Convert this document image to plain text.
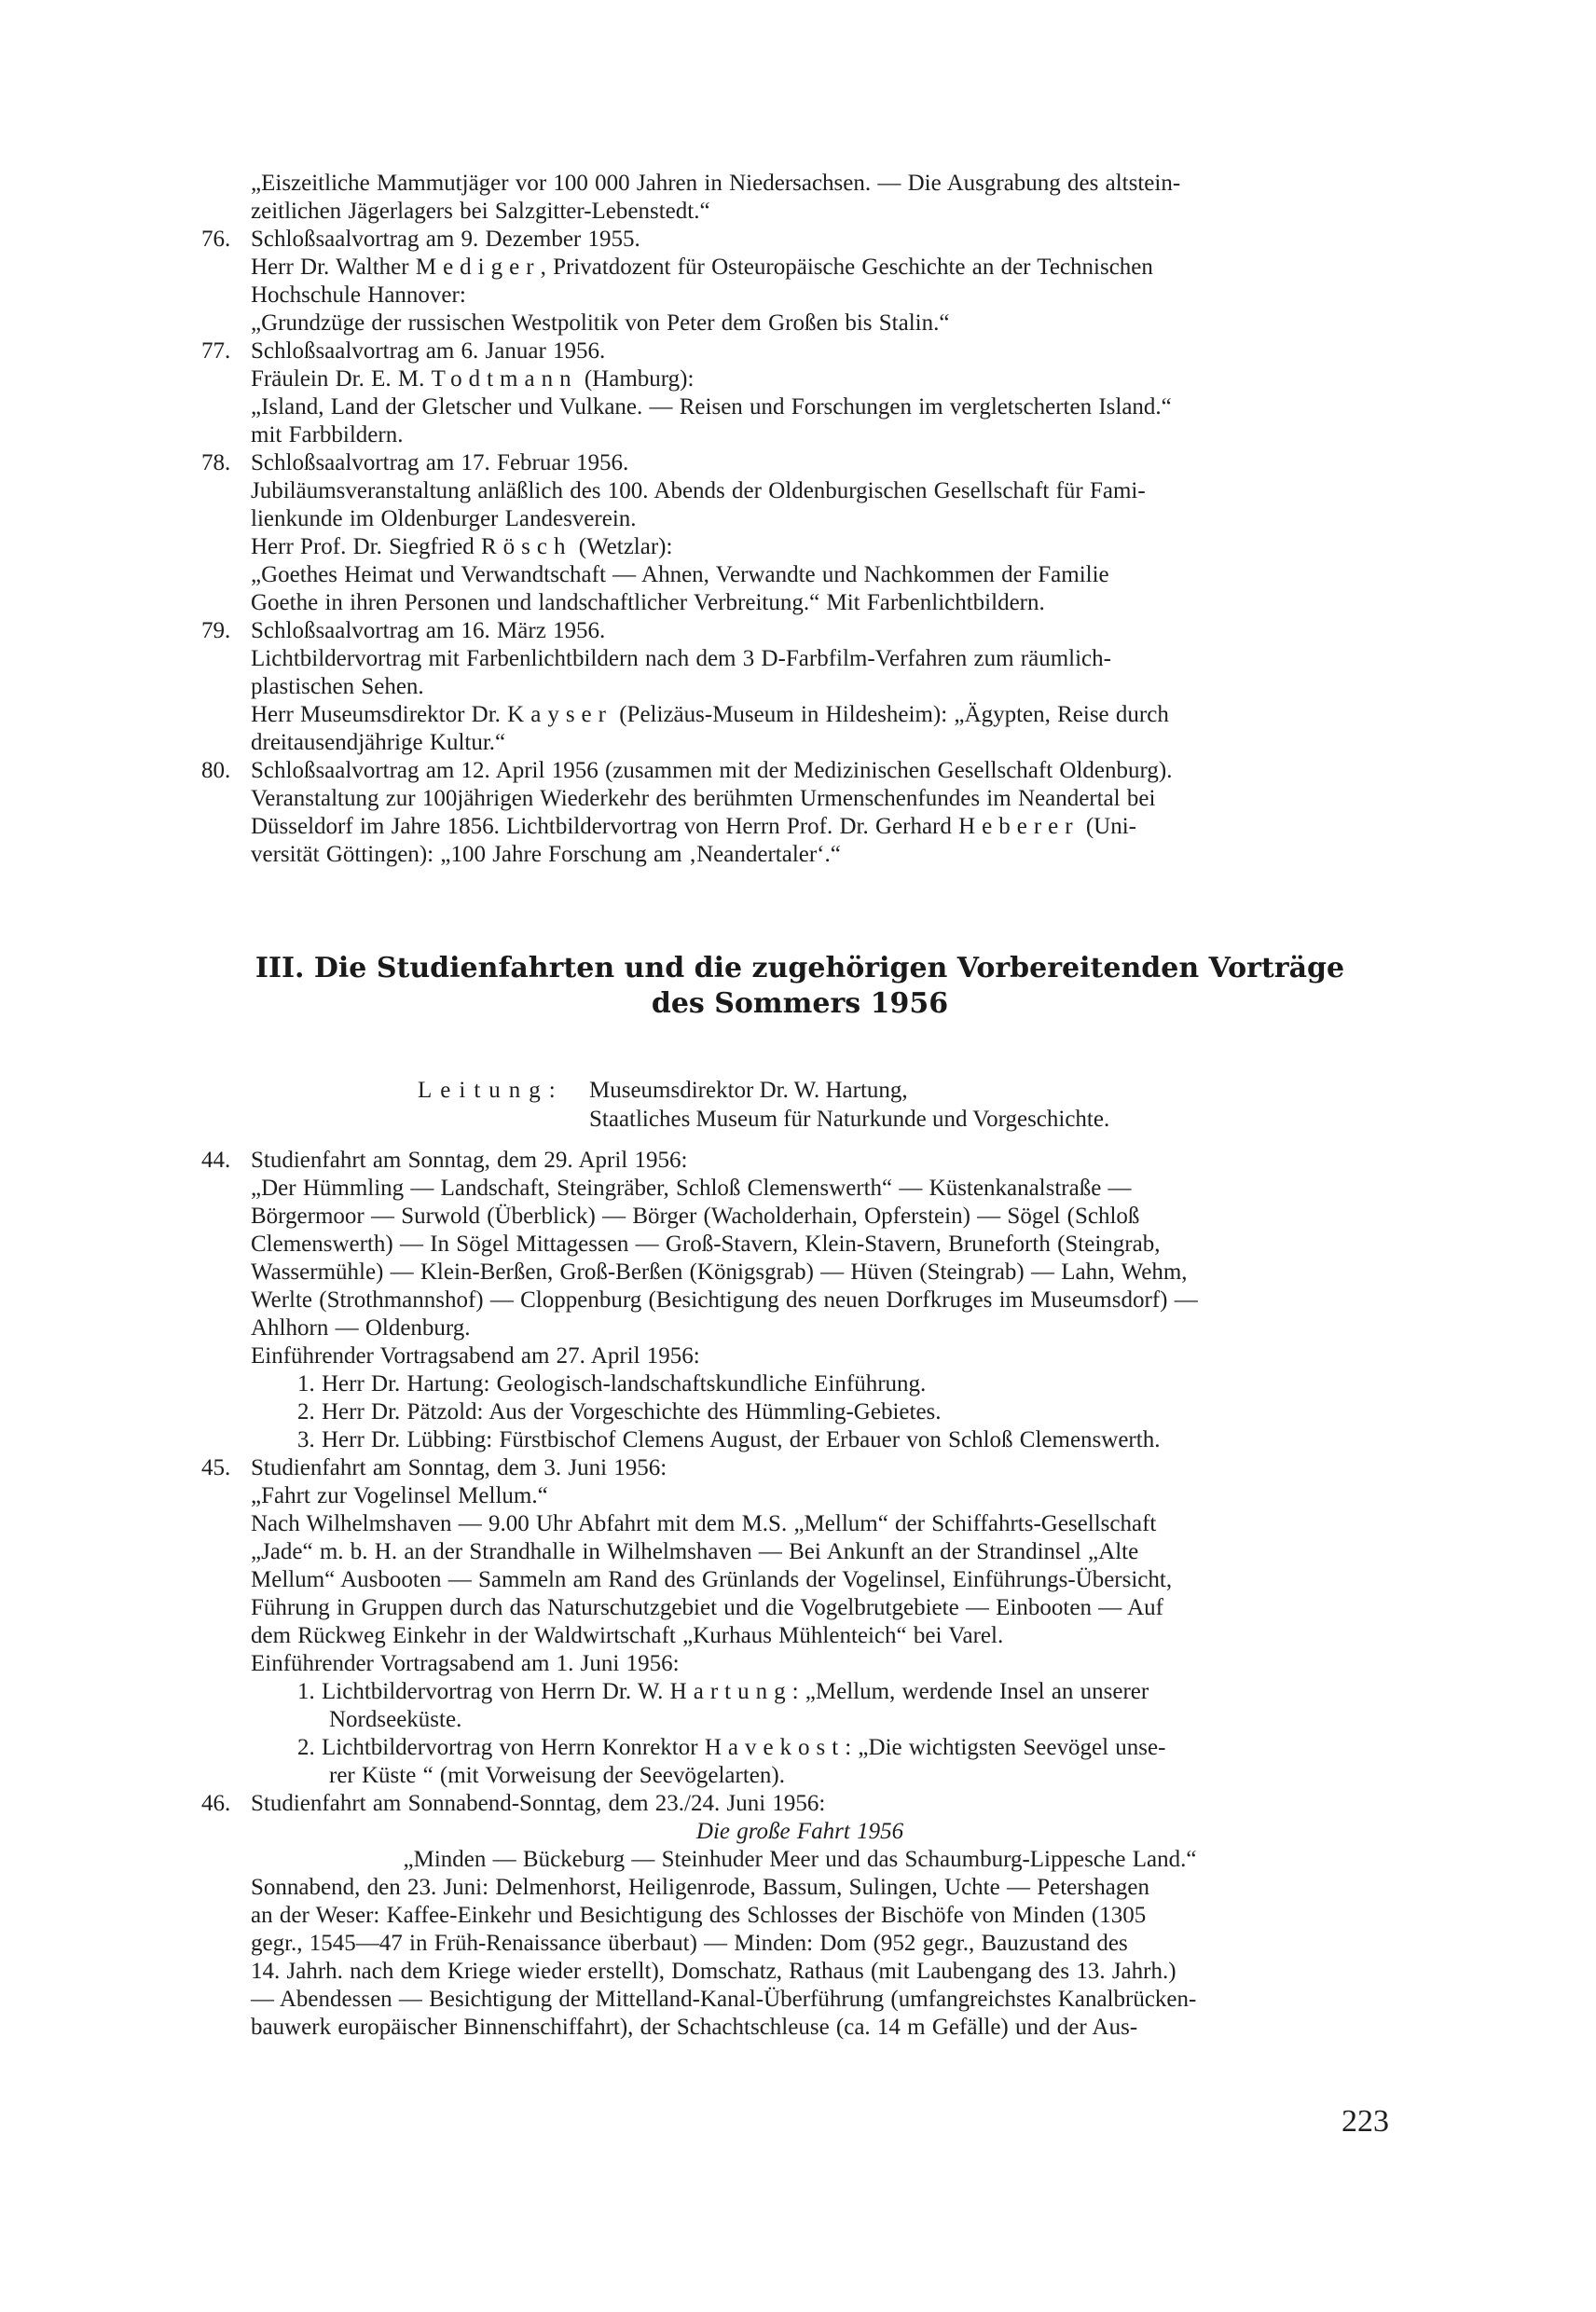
„Eiszeitliche Mammutjäger vor 100 000 Jahren in Niedersachsen. — Die Ausgrabung des altstein-
zeitlichen Jägerlagers bei Salzgitter-Lebenstedt.“
76. Schloßsaalvortrag am 9. Dezember 1955.
Herr Dr. Walther Mediger, Privatdozent für Osteuropäische Geschichte an der Technischen
Hochschule Hannover:
„Grundzüge der russischen Westpolitik von Peter dem Großen bis Stalin.“
77. Schloßsaalvortrag am 6. Januar 1956.
Fräulein Dr. E. M. Todtmann (Hamburg):
„Island, Land der Gletscher und Vulkane. — Reisen und Forschungen im vergletscherten Island.“
mit Farbbildern.
78. Schloßsaalvortrag am 17. Februar 1956.
Jubiläumsveranstaltung anläßlich des 100. Abends der Oldenburgischen Gesellschaft für Fami-
lienkunde im Oldenburger Landesverein.
Herr Prof. Dr. Siegfried Rösch (Wetzlar):
„Goethes Heimat und Verwandtschaft — Ahnen, Verwandte und Nachkommen der Familie
Goethe in ihren Personen und landschaftlicher Verbreitung.“ Mit Farbenlichtbildern.
79. Schloßsaalvortrag am 16. März 1956.
Lichtbildervortrag mit Farbenlichtbildern nach dem 3 D-Farbfilm-Verfahren zum räumlich-
plastischen Sehen.
Herr Museumsdirektor Dr. Kayser (Pelizäus-Museum in Hildesheim): „Ägypten, Reise durch
dreitausendjährige Kultur.“
80. Schloßsaalvortrag am 12. April 1956 (zusammen mit der Medizinischen Gesellschaft Oldenburg).
Veranstaltung zur 100jährigen Wiederkehr des berühmten Urmenschenfundes im Neandertal bei
Düsseldorf im Jahre 1856. Lichtbildervortrag von Herrn Prof. Dr. Gerhard Heberer (Uni-
versität Göttingen): „100 Jahre Forschung am ‚Neandertaler‘.“
III. Die Studienfahrten und die zugehörigen Vorbereitenden Vorträge
des Sommers 1956
Leitung: Museumsdirektor Dr. W. Hartung,
Staatliches Museum für Naturkunde und Vorgeschichte.
44. Studienfahrt am Sonntag, dem 29. April 1956:
„Der Hümmling — Landschaft, Steingräber, Schloß Clemenswerth“ — Küstenkanalstraße —
Börgermoor — Surwold (Überblick) — Börger (Wacholderhain, Opferstein) — Sögel (Schloß
Clemenswerth) — In Sögel Mittagessen — Groß-Stavern, Klein-Stavern, Bruneforth (Steingrab,
Wassermühle) — Klein-Berßen, Groß-Berßen (Königsgrab) — Hüven (Steingrab) — Lahn, Wehm,
Werlte (Strothmannshof) — Cloppenburg (Besichtigung des neuen Dorfkruges im Museumsdorf) —
Ahlhorn — Oldenburg.
Einführender Vortragsabend am 27. April 1956:
1. Herr Dr. Hartung: Geologisch-landschaftskundliche Einführung.
2. Herr Dr. Pätzold: Aus der Vorgeschichte des Hümmling-Gebietes.
3. Herr Dr. Lübbing: Fürstbischof Clemens August, der Erbauer von Schloß Clemenswerth.
45. Studienfahrt am Sonntag, dem 3. Juni 1956:
„Fahrt zur Vogelinsel Mellum.“
Nach Wilhelmshaven — 9.00 Uhr Abfahrt mit dem M.S. „Mellum“ der Schiffahrts-Gesellschaft
„Jade“ m. b. H. an der Strandhalle in Wilhelmshaven — Bei Ankunft an der Strandinsel „Alte
Mellum“ Ausbooten — Sammeln am Rand des Grünlands der Vogelinsel, Einführungs-Übersicht,
Führung in Gruppen durch das Naturschutzgebiet und die Vogelbrutgebiete — Einbooten — Auf
dem Rückweg Einkehr in der Waldwirtschaft „Kurhaus Mühlenteich“ bei Varel.
Einführender Vortragsabend am 1. Juni 1956:
1. Lichtbildervortrag von Herrn Dr. W. Hartung: „Mellum, werdende Insel an unserer
Nordseeküste.
2. Lichtbildervortrag von Herrn Konrektor Havekost: „Die wichtigsten Seevögel unse-
rer Küste “ (mit Vorweisung der Seevögelarten).
46. Studienfahrt am Sonnabend-Sonntag, dem 23./24. Juni 1956:
Die große Fahrt 1956
„Minden — Bückeburg — Steinhuder Meer und das Schaumburg-Lippesche Land.“
Sonnabend, den 23. Juni: Delmenhorst, Heiligenrode, Bassum, Sulingen, Uchte — Petershagen
an der Weser: Kaffee-Einkehr und Besichtigung des Schlosses der Bischöfe von Minden (1305
gegr., 1545—47 in Früh-Renaissance überbaut) — Minden: Dom (952 gegr., Bauzustand des
14. Jahrh. nach dem Kriege wieder erstellt), Domschatz, Rathaus (mit Laubengang des 13. Jahrh.)
— Abendessen — Besichtigung der Mittelland-Kanal-Überführung (umfangreichstes Kanalbrücken-
bauwerk europäischer Binnenschiffahrt), der Schachtschleuse (ca. 14 m Gefälle) und der Aus-
223
